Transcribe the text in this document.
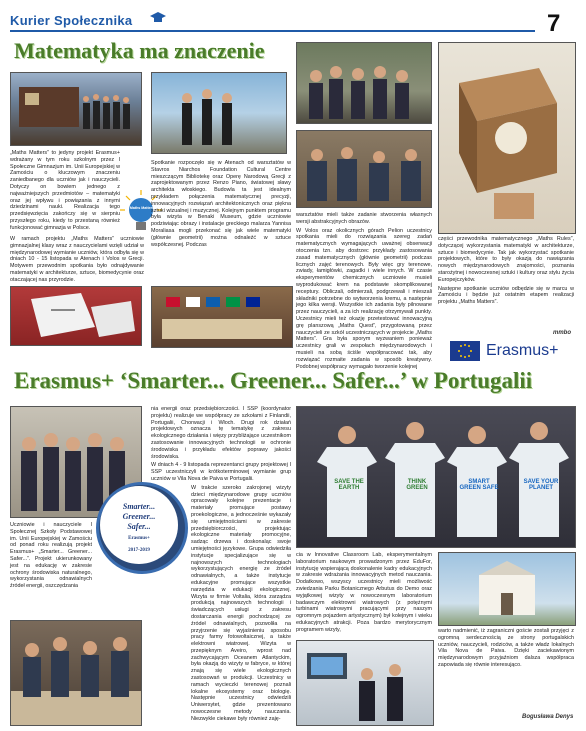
Kurier Społecznika	7
Matematyka ma znaczenie
Maths Matters

„Maths Matters” to jedyny projekt Erasmus+ wdrażany w tym roku szkolnym przez I Społeczne Gimnazjum im. Unii Europejskiej w Zamościu o kluczowym znaczeniu zaniedbanego dla uczniów jak i nauczycieli. Dotyczy on bowiem jednego z najważniejszych przedmiotów – matematyki oraz jej wpływu i powiązania z innymi dziedzinami nauki. Realizacja tego przedsięwzięcia zakończy się w sierpniu przyszłego roku, kiedy to przestaną również funkcjonować gimnazja w Polsce.

W ramach projektu „Maths Matters” uczniowie gimnazjalnej klasy wraz z nauczycielami wzięli udział w międzynarodowej wymianie uczniów, która odbyła się w dniach 10 - 15 listopada w Atenach i Volos w Grecji. Motywem przewodnim spotkania było odnajdywanie matematyki w architekturze, sztuce, biomedycynie oraz otaczającej nas przyrodzie.

Spotkanie rozpoczęło się w Atenach od warsztatów w Stavros Niarchos Foundation Cultural Centre mieszczącym Bibliotekę oraz Operę Narodową Grecji z zaprojektowanym przez Renzo Piano, światowej sławy architekta włoskiego. Budowla ta jest idealnym przykładem połączenia matematycznej precyzji, innowacyjnych rozwiązań architektonicznych oraz piękna sztuki wizualnej i muzycznej. Kolejnym punktem programu była wizyta w Benaki Museum, gdzie uczniowie podziwiając obrazy i instalacje greckiego malarza Yannisa Moraliasa mogli przekonać się jak wiele matematyki (głównie geometrii) można odnaleźć w sztuce współczesnej. Podczas

warsztatów mieli także zadanie stworzenia własnych wersji abstrakcyjnych obrazów.

W Volos oraz okolicznych górach Pelion uczestnicy spotkania mieli do rozwiązania szereg zadań matematycznych wymagających uważnej obserwacji otoczenia tzn. aby dostrzec przykłady zastosowania zasad matematycznych (głównie geometrii) podczas licznych zajęć terenowych. Były więc gry terenowe, zwiady, łamigłówki, zagadki i wiele innych. W czasie eksperymentów chemicznych uczniowie musieli wyprodukować krem na podstawie skomplikowanej receptury. Obliczali, odmierzali, podgrzewali i mieszali składniki potrzebne do wytworzenia kremu, a następnie jego kilka wersji. Wszystkie ich zadania były pilnowane przez nauczycieli, a za ich realizację otrzymywali punkty. Uczestnicy mieli też okazję przetestować innowacyjną grę planszową „Maths Quest”, przygotowaną przez nauczycieli ze szkół uczestniczących w projekcie „Maths Matters”. Gra była sporym wyzwaniem ponieważ uczestnicy grali w zespołach międzynarodowych i musieli na sobą ściśle współpracować tak, aby rozwiązać rozmaite zadania w sposób kreatywny. Podobnej współpracy wymagało tworzenie kolejnej

części przewodnika matematycznego „Maths Rules”, dotyczącej wykorzystania matematyki w architekturze, sztuce i biomedycynie. Tak jak wykorzystać spotkanie projektowych, które to były okazją do nawiązania nowych międzynarodowych znajomości, poznania starożytnej i nowoczesnej sztuki i kultury oraz stylu życia Europejczyków.

Następne spotkanie uczniów odbędzie się w marcu w Zamościu i będzie już ostatnim etapem realizacji projektu „Maths Matters”.

mmbo
Erasmus+
Erasmus+ ‘Smarter... Greener... Safer...’ w Portugalii
SAVE THE EARTH
THINK GREEN
SMART GREEN SAFE
SAVE YOUR PLANET
Smarter...
Greener...
Safer...
Erasmus+
2017-2019

Uczniowie i nauczyciele I Społecznej Szkoły Podstawowej im. Unii Europejskiej w Zamościu od ponad roku realizują projekt Erasmus+ „Smarter... Greener... Safer...”. Projekt ukierunkowany jest na edukację w zakresie ochrony środowiska naturalnego, wykorzystania odnawialnych źródeł energii, oszczędzania

nia energii oraz przedsiębiorczości. I SSP (koordynator projektu) realizuje we współpracy ze szkołami z Finlandii, Portugalii, Chorwacji i Włoch. Drugi rok działań projektowych oznacza tę tematykę z zakresu ekologicznego działania i więzy przybliżające uczestnikom zastosowanie innowacyjnych technologii w ochronie środowiska i przykładu efektów poprawy jakości środowiska.

W dniach 4 - 9 listopada reprezentanci grupy projektowej I SSP uczestniczyli w krótkoterminowej wymianie grup uczniów w Vila Nova de Paiva w Portugalii.

W trakcie szeroko zakrojonej wizyty dzieci międzynarodowe grupy uczniów opracowały kolejne prezentacje i materiały promujące postawy proekologiczne, a jednocześnie wykazały się umiejętnościami w zakresie przedsiębiorczości, projektując ekologiczne materiały promocyjne, sadząc drzewa i doskonaląc swoje umiejętności językowe. Grupa odwiedziła instytucje specjalizujące się w najnowszych technologiach wykorzystujących energię ze źródeł odnawialnych, a także instytucje edukacyjne promujące wszystkie narzędzia w edukacji ekologicznej. Wizyta w firmie Voltalia, która zarządza produkcją najnowszych technologii i świadczących usługi z zakresu dostarczania energii pochodzącej ze źródeł odnawialnych, pozwoliła na przyjrzenie się wyjaśnieniu sposobu pracy farmy fotowoltaicznej, a także elektrowni wiatrowej. Wizyta w przepięknym Aveiro, wprost nad zachwycającym Oceanem Atlantyckim, była okazją do wizyty w fabryce, w której znają się wiele ekologicznych zastosowań w produkcji. Uczestnicy w ramach wycieczki terenowej poznali lokalne ekosystemy oraz biologię. Następnie uczestnicy odwiedzili Uniwersytet, gdzie prezentowano nowoczesne metody nauczania. Niezwykle ciekawe były również zaję-

cia w Innovative Classroom Lab, eksperymentalnym laboratorium naukowym prowadzonym przez EduFor, instytucję wspierającą doskonalenie kadry edukacyjnych w zakresie wdrażania innowacyjnych metod nauczania. Dodatkowo, wszyscy uczestnicy mieli możliwość zwiedzania Parku Botanicznego Arbutus do Demo oraz wyjątkowej wizyty w nowoczesnym laboratorium badawczym elektrowni wiatrowych (z potężnymi turbinami wiatrowymi pracującymi przy naszym ogromnym pojazdem artystycznym) był kolejnym i wieku edukacyjnych atrakcji. Poza bardzo merytorycznym programem wizyty,	warto nadmienić, iż zagraniczni goście zostali przyjęci z ogromną serdecznością ze strony portugalskich uczniów, nauczycieli, rodziców, a także władz lokalnych Vila Nova de Paiva. Dzięki zaciekawionym międzynarodowym przyjaźniom dalsza współpraca zapowiada się równie interesująco.

Bogusława Denys
